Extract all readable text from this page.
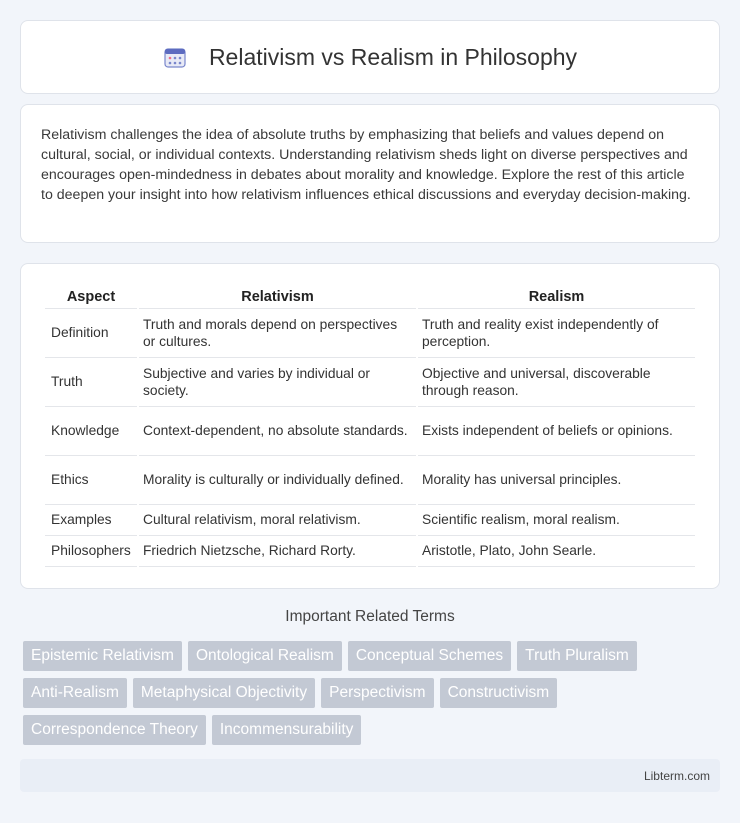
Relativism vs Realism in Philosophy

Relativism challenges the idea of absolute truths by emphasizing that beliefs and values depend on cultural, social, or individual contexts. Understanding relativism sheds light on diverse perspectives and encourages open-mindedness in debates about morality and knowledge. Explore the rest of this article to deepen your insight into how relativism influences ethical discussions and everyday decision-making.

Aspect	Relativism	Realism
Definition	Truth and morals depend on perspectives or cultures.	Truth and reality exist independently of perception.
Truth	Subjective and varies by individual or society.	Objective and universal, discoverable through reason.
Knowledge	Context-dependent, no absolute standards.	Exists independent of beliefs or opinions.
Ethics	Morality is culturally or individually defined.	Morality has universal principles.
Examples	Cultural relativism, moral relativism.	Scientific realism, moral realism.
Philosophers	Friedrich Nietzsche, Richard Rorty.	Aristotle, Plato, John Searle.
Important Related Terms
Epistemic Relativism	Ontological Realism	Conceptual Schemes	Truth Pluralism
Anti-Realism	Metaphysical Objectivity	Perspectivism	Constructivism
Correspondence Theory	Incommensurability
Libterm.com
